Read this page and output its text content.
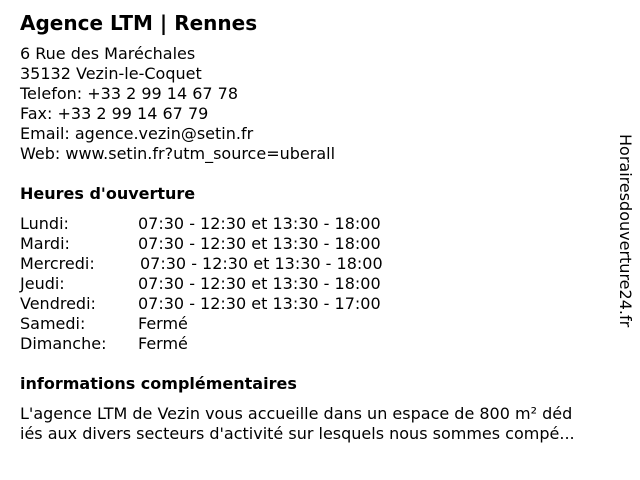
Agence LTM | Rennes
6 Rue des Maréchales
35132 Vezin-le-Coquet
Telefon: +33 2 99 14 67 78
Fax: +33 2 99 14 67 79
Email: agence.vezin@setin.fr
Web: www.setin.fr?utm_source=uberall
Heures d'ouverture
Lundi:	07:30 - 12:30 et 13:30 - 18:00
Mardi:	07:30 - 12:30 et 13:30 - 18:00
Mercredi:	07:30 - 12:30 et 13:30 - 18:00
Jeudi:	07:30 - 12:30 et 13:30 - 18:00
Vendredi:	07:30 - 12:30 et 13:30 - 17:00
Samedi:	Fermé
Dimanche:	Fermé
informations complémentaires
L'agence LTM de Vezin vous accueille dans un espace de 800 m² déd
iés aux divers secteurs d'activité sur lesquels nous sommes compé...
Horairesdouverture24.fr
